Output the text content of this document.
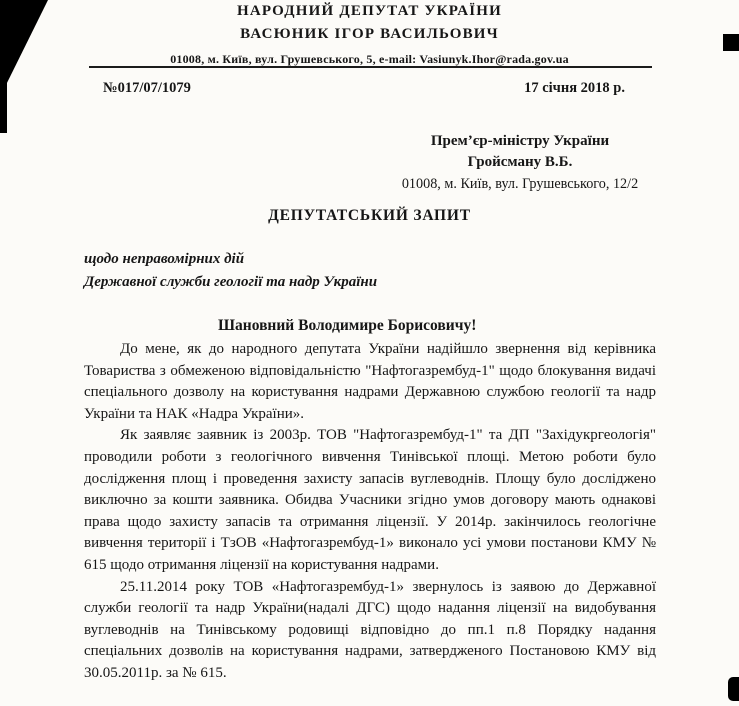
НАРОДНИЙ ДЕПУТАТ УКРАЇНИ
ВАСЮНИК ІГОР ВАСИЛЬОВИЧ
01008, м. Київ, вул. Грушевського, 5, e-mail: Vasiunyk.Ihor@rada.gov.ua
№017/07/1079	17 січня 2018 р.
Прем’єр-міністру України
Гройсману В.Б.
01008, м. Київ, вул. Грушевського, 12/2
ДЕПУТАТСЬКИЙ ЗАПИТ
щодо неправомірних дій
Державної служби геології та надр України
Шановний Володимире Борисовичу!

До мене, як до народного депутата України надійшло звернення від керівника Товариства з обмеженою відповідальністю "Нафтогазрембуд-1" щодо блокування видачі спеціального дозволу на користування надрами Державною службою геології та надр України та НАК «Надра України».

Як заявляє заявник із 2003р. ТОВ "Нафтогазрембуд-1" та ДП "Західукргеологія" проводили роботи з геологічного вивчення Тинівської площі. Метою роботи було дослідження площ і проведення захисту запасів вуглеводнів. Площу було досліджено виключно за кошти заявника. Обидва Учасники згідно умов договору мають однакові права щодо захисту запасів та отримання ліцензії. У 2014р. закінчилось геологічне вивчення території і ТзОВ «Нафтогазрембуд-1» виконало усі умови постанови КМУ № 615 щодо отримання ліцензії на користування надрами.

25.11.2014 року ТОВ «Нафтогазрембуд-1» звернулось із заявою до Державної служби геології та надр України(надалі ДГС) щодо надання ліцензії на видобування вуглеводнів на Тинівському родовищі відповідно до пп.1 п.8 Порядку надання спеціальних дозволів на користування надрами, затвердженого Постановою КМУ від 30.05.2011р. за № 615.
